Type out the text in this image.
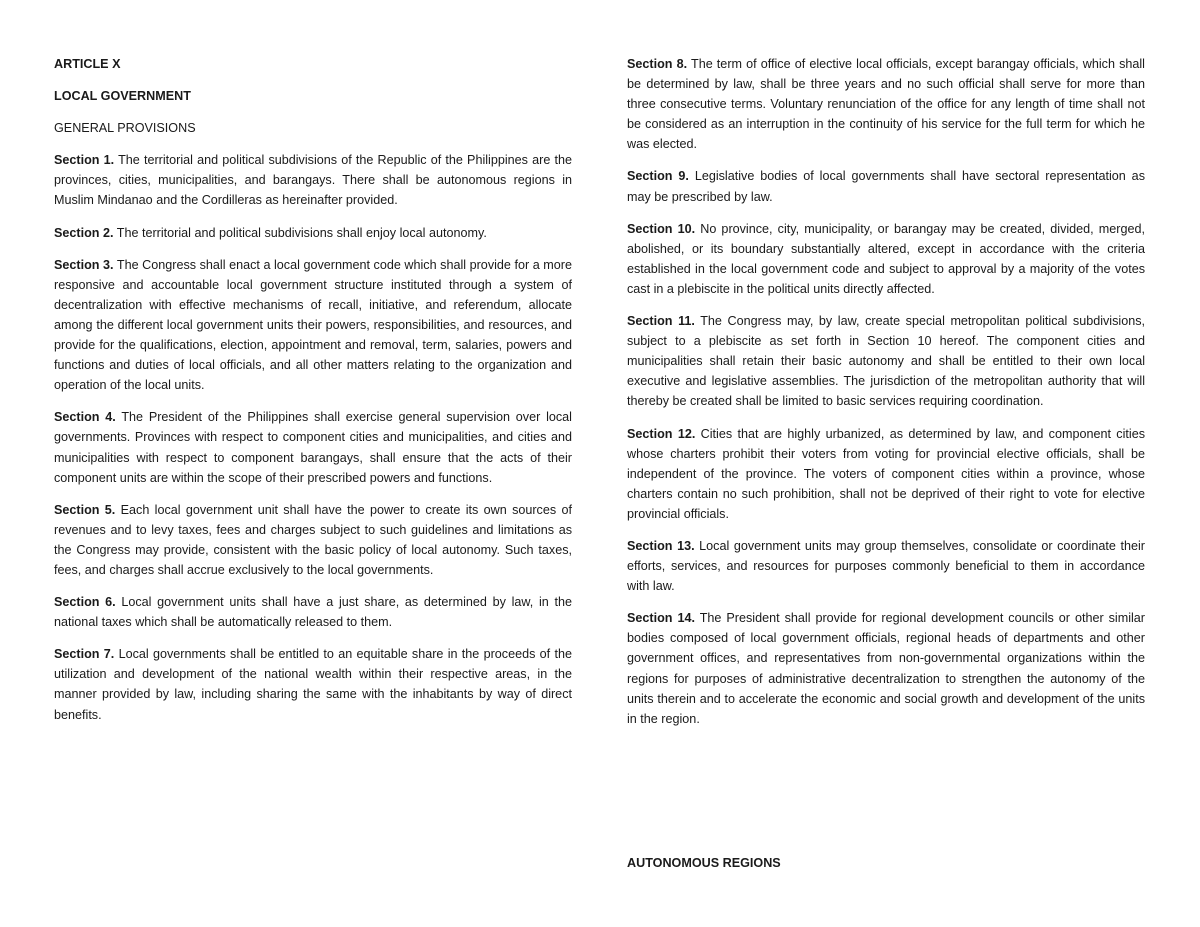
ARTICLE X

LOCAL GOVERNMENT

GENERAL PROVISIONS

Section 1. The territorial and political subdivisions of the Republic of the Philippines are the provinces, cities, municipalities, and barangays. There shall be autonomous regions in Muslim Mindanao and the Cordilleras as hereinafter provided.

Section 2. The territorial and political subdivisions shall enjoy local autonomy.

Section 3. The Congress shall enact a local government code which shall provide for a more responsive and accountable local government structure instituted through a system of decentralization with effective mechanisms of recall, initiative, and referendum, allocate among the different local government units their powers, responsibilities, and resources, and provide for the qualifications, election, appointment and removal, term, salaries, powers and functions and duties of local officials, and all other matters relating to the organization and operation of the local units.

Section 4. The President of the Philippines shall exercise general supervision over local governments. Provinces with respect to component cities and municipalities, and cities and municipalities with respect to component barangays, shall ensure that the acts of their component units are within the scope of their prescribed powers and functions.

Section 5. Each local government unit shall have the power to create its own sources of revenues and to levy taxes, fees and charges subject to such guidelines and limitations as the Congress may provide, consistent with the basic policy of local autonomy. Such taxes, fees, and charges shall accrue exclusively to the local governments.

Section 6. Local government units shall have a just share, as determined by law, in the national taxes which shall be automatically released to them.

Section 7. Local governments shall be entitled to an equitable share in the proceeds of the utilization and development of the national wealth within their respective areas, in the manner provided by law, including sharing the same with the inhabitants by way of direct benefits.

Section 8. The term of office of elective local officials, except barangay officials, which shall be determined by law, shall be three years and no such official shall serve for more than three consecutive terms. Voluntary renunciation of the office for any length of time shall not be considered as an interruption in the continuity of his service for the full term for which he was elected.

Section 9. Legislative bodies of local governments shall have sectoral representation as may be prescribed by law.

Section 10. No province, city, municipality, or barangay may be created, divided, merged, abolished, or its boundary substantially altered, except in accordance with the criteria established in the local government code and subject to approval by a majority of the votes cast in a plebiscite in the political units directly affected.

Section 11. The Congress may, by law, create special metropolitan political subdivisions, subject to a plebiscite as set forth in Section 10 hereof. The component cities and municipalities shall retain their basic autonomy and shall be entitled to their own local executive and legislative assemblies. The jurisdiction of the metropolitan authority that will thereby be created shall be limited to basic services requiring coordination.

Section 12. Cities that are highly urbanized, as determined by law, and component cities whose charters prohibit their voters from voting for provincial elective officials, shall be independent of the province. The voters of component cities within a province, whose charters contain no such prohibition, shall not be deprived of their right to vote for elective provincial officials.

Section 13. Local government units may group themselves, consolidate or coordinate their efforts, services, and resources for purposes commonly beneficial to them in accordance with law.

Section 14. The President shall provide for regional development councils or other similar bodies composed of local government officials, regional heads of departments and other government offices, and representatives from non-governmental organizations within the regions for purposes of administrative decentralization to strengthen the autonomy of the units therein and to accelerate the economic and social growth and development of the units in the region.

AUTONOMOUS REGIONS
